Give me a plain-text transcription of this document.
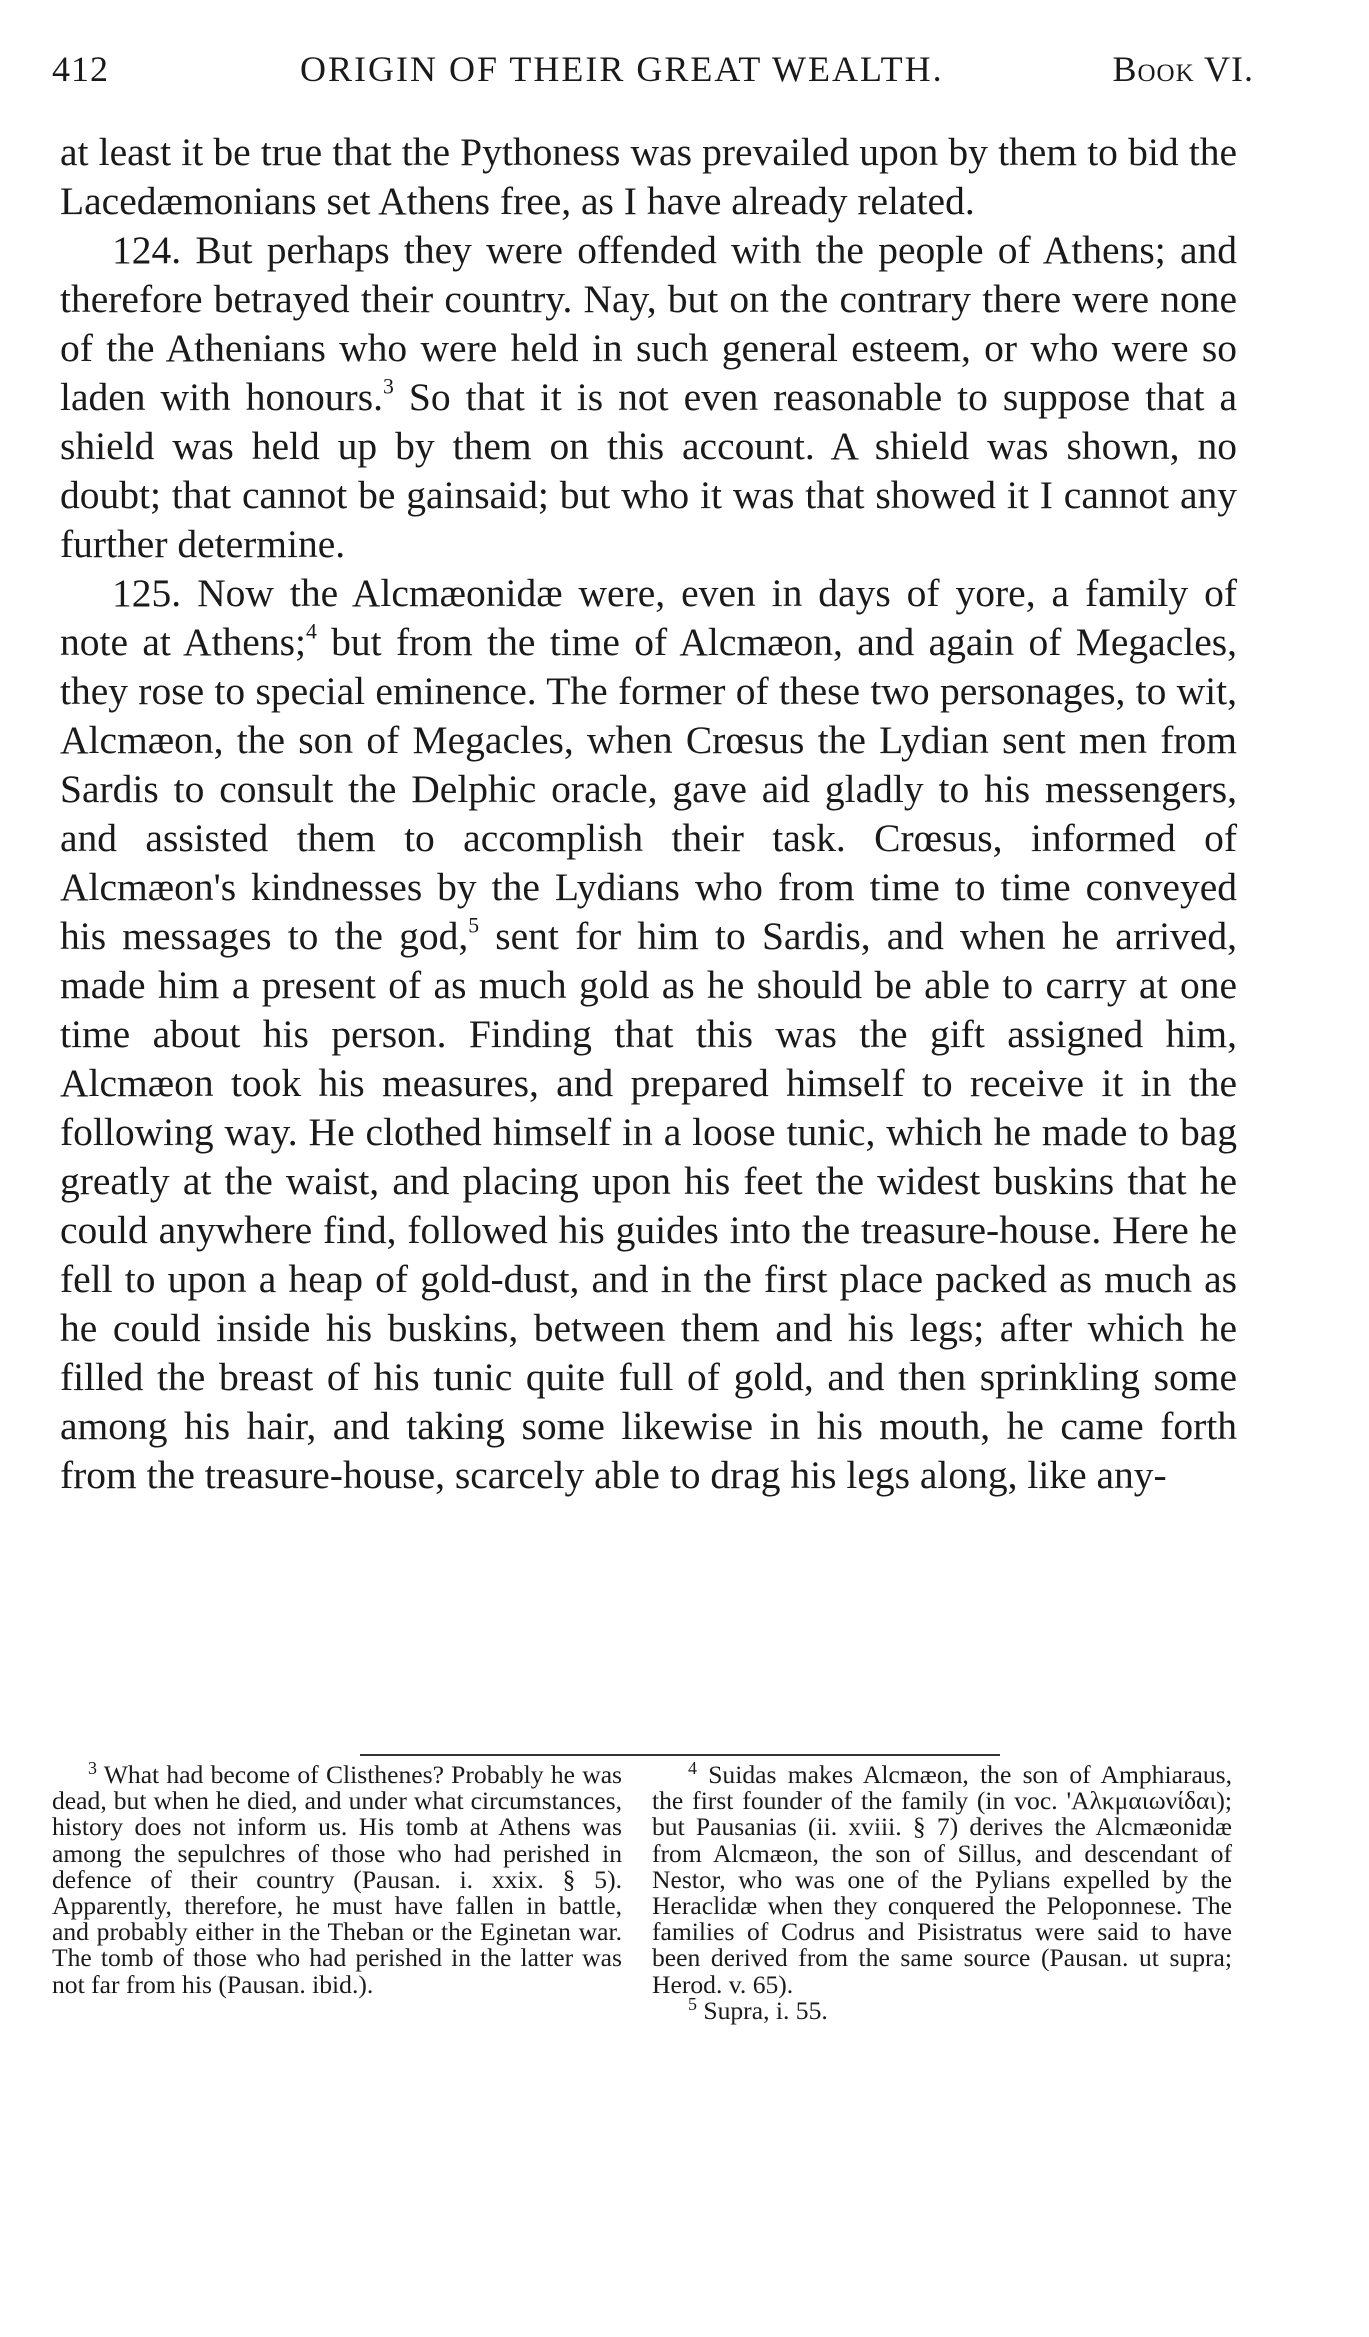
412	ORIGIN OF THEIR GREAT WEALTH.	Book VI.

at least it be true that the Pythoness was prevailed upon by them to bid the Lacedæmonians set Athens free, as I have already related.

124. But perhaps they were offended with the people of Athens; and therefore betrayed their country. Nay, but on the contrary there were none of the Athenians who were held in such general esteem, or who were so laden with honours.$^3$ So that it is not even reasonable to suppose that a shield was held up by them on this account. A shield was shown, no doubt; that cannot be gainsaid; but who it was that showed it I cannot any further determine.

125. Now the Alcmæonidæ were, even in days of yore, a family of note at Athens;$^4$ but from the time of Alcmæon, and again of Megacles, they rose to special eminence. The former of these two personages, to wit, Alcmæon, the son of Megacles, when Crœsus the Lydian sent men from Sardis to consult the Delphic oracle, gave aid gladly to his messengers, and assisted them to accomplish their task. Crœsus, informed of Alcmæon's kindnesses by the Lydians who from time to time conveyed his messages to the god,$^5$ sent for him to Sardis, and when he arrived, made him a present of as much gold as he should be able to carry at one time about his person. Finding that this was the gift assigned him, Alcmæon took his measures, and prepared himself to receive it in the following way. He clothed himself in a loose tunic, which he made to bag greatly at the waist, and placing upon his feet the widest buskins that he could anywhere find, followed his guides into the treasure-house. Here he fell to upon a heap of gold-dust, and in the first place packed as much as he could inside his buskins, between them and his legs; after which he filled the breast of his tunic quite full of gold, and then sprinkling some among his hair, and taking some likewise in his mouth, he came forth from the treasure-house, scarcely able to drag his legs along, like any-

$^3$ What had become of Clisthenes? Probably he was dead, but when he died, and under what circumstances, history does not inform us. His tomb at Athens was among the sepulchres of those who had perished in defence of their country (Pausan. i. xxix. § 5). Apparently, therefore, he must have fallen in battle, and probably either in the Theban or the Eginetan war. The tomb of those who had perished in the latter was not far from his (Pausan. ibid.).

$^4$ Suidas makes Alcmæon, the son of Amphiaraus, the first founder of the family (in voc. 'Αλκμαιωνίδαι); but Pausanias (ii. xviii. § 7) derives the Alcmæonidæ from Alcmæon, the son of Sillus, and descendant of Nestor, who was one of the Pylians expelled by the Heraclidæ when they conquered the Peloponnese. The families of Codrus and Pisistratus were said to have been derived from the same source (Pausan. ut supra; Herod. v. 65).

$^5$ Supra, i. 55.
